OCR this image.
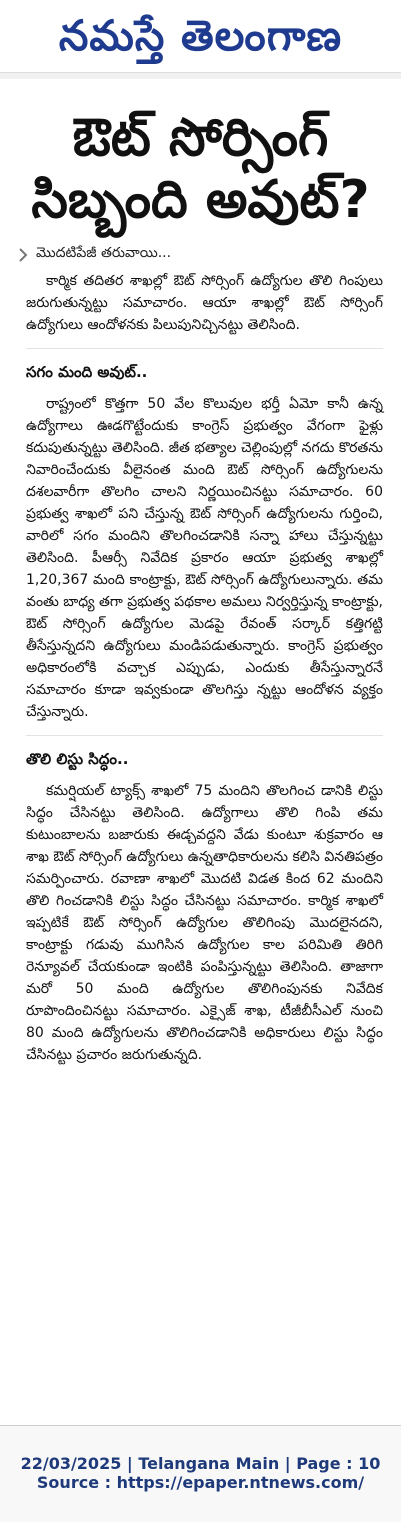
నమస్తే తెలంగాణ
ఔట్ సోర్సింగ్
సిబ్బంది అవుట్?
మొదటిపేజీ తరువాయి...

కార్మిక తదితర శాఖల్లో ఔట్ సోర్సింగ్ ఉద్యోగుల తొలి గింపులు జరుగుతున్నట్టు సమాచారం. ఆయా శాఖల్లో ఔట్ సోర్సింగ్ ఉద్యోగులు ఆందోళనకు పిలుపునిచ్చినట్టు తెలిసింది.

సగం మంది అవుట్..

రాష్ట్రంలో కొత్తగా 50 వేల కొలువుల భర్తీ ఏమో కానీ ఉన్న ఉద్యోగాలు ఊడగొట్టేందుకు కాంగ్రెస్ ప్రభుత్వం వేగంగా ఫైళ్లు కదుపుతున్నట్టు తెలిసింది. జీత భత్యాల చెల్లింపుల్లో నగదు కొరతను నివారించేందుకు వీలైనంత మంది ఔట్ సోర్సింగ్ ఉద్యోగులను దశలవారీగా తొలగిం చాలని నిర్ణయించినట్టు సమాచారం. 60 ప్రభుత్వ శాఖలో పని చేస్తున్న ఔట్ సోర్సింగ్ ఉద్యోగులను గుర్తించి, వారిలో సగం మందిని తొలగించడానికి సన్నా హాలు చేస్తున్నట్టు తెలిసింది. పీఆర్సీ నివేదిక ప్రకారం ఆయా ప్రభుత్వ శాఖల్లో 1,20,367 మంది కాంట్రాక్టు, ఔట్ సోర్సింగ్ ఉద్యోగులున్నారు. తమ వంతు బాధ్య తగా ప్రభుత్వ పథకాల అమలు నిర్వర్తిస్తున్న కాంట్రాక్టు, ఔట్ సోర్సింగ్ ఉద్యోగుల మెడపై రేవంత్ సర్కార్ కత్తిగట్టి తీసేస్తున్నదని ఉద్యోగులు మండిపడుతున్నారు. కాంగ్రెస్ ప్రభుత్వం అధికారంలోకి వచ్చాక ఎప్పుడు, ఎందుకు తీసేస్తున్నారనే సమాచారం కూడా ఇవ్వకుండా తొలగిస్తు న్నట్టు ఆందోళన వ్యక్తం చేస్తున్నారు.

తొలి లిస్టు సిద్ధం..

కమర్షియల్ ట్యాక్స్ శాఖలో 75 మందిని తొలగించ డానికి లిస్టు సిద్ధం చేసినట్టు తెలిసింది. ఉద్యోగాలు తొలి గింపి తమ కుటుంబాలను బజారుకు ఈడ్చవద్దని వేడు కుంటూ శుక్రవారం ఆ శాఖ ఔట్ సోర్సింగ్ ఉద్యోగులు ఉన్నతాధికారులను కలిసి వినతిపత్రం సమర్పించారు. రవాణా శాఖలో మొదటి విడత కింద 62 మందిని తొలి గించడానికి లిస్టు సిద్ధం చేసినట్టు సమాచారం. కార్మిక శాఖలో ఇప్పటికే ఔట్ సోర్సింగ్ ఉద్యోగుల తొలిగింపు మొదలైనదని, కాంట్రాక్టు గడువు ముగిసిన ఉద్యోగుల కాల పరిమితి తిరిగి రెన్యూవల్ చేయకుండా ఇంటికి పంపిస్తున్నట్టు తెలిసింది. తాజాగా మరో 50 మంది ఉద్యోగుల తొలిగింపునకు నివేదిక రూపొందించినట్టు సమాచారం. ఎక్సైజ్ శాఖ, టీజీబీసీఎల్ నుంచి 80 మంది ఉద్యోగులను తొలిగించడానికి అధికారులు లిస్టు సిద్ధం చేసినట్టు ప్రచారం జరుగుతున్నది.

22/03/2025 | Telangana Main | Page : 10
Source : https://epaper.ntnews.com/
